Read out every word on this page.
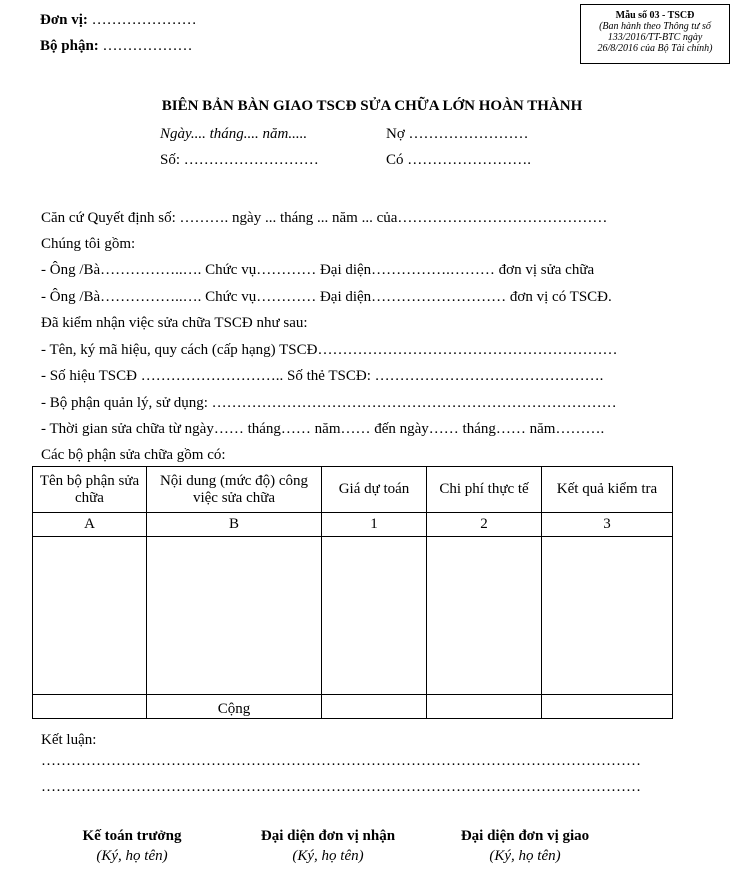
Đơn vị: …………………
Bộ phận: ………………
Mẫu số 03 - TSCĐ
(Ban hành theo Thông tư số
133/2016/TT-BTC ngày
26/8/2016 của Bộ Tài chính)
BIÊN BẢN BÀN GIAO TSCĐ SỬA CHỮA LỚN HOÀN THÀNH
Ngày.... tháng.... năm.....	Nợ ……………………
Số: ………………………	Có …………………….
Căn cứ Quyết định số: ………. ngày ... tháng ... năm ... của……………………………………
Chúng tôi gồm:
- Ông /Bà……………..…. Chức vụ………… Đại diện…………….……… đơn vị sửa chữa
- Ông /Bà……………..…. Chức vụ………… Đại diện……………………… đơn vị có TSCĐ.
Đã kiểm nhận việc sửa chữa TSCĐ như sau:
- Tên, ký mã hiệu, quy cách (cấp hạng) TSCĐ……………………………………………………
- Số hiệu TSCĐ ……………………….. Số thẻ TSCĐ: ……………………………………….
- Bộ phận quản lý, sử dụng: ………………………………………………………………………
- Thời gian sửa chữa từ ngày…… tháng…… năm…… đến ngày…… tháng…… năm……….
Các bộ phận sửa chữa gồm có:
Tên bộ phận sửa chữa	Nội dung (mức độ) công việc sửa chữa	Giá dự toán	Chi phí thực tế	Kết quả kiểm tra
A	B	1	2	3

	Cộng			
Kết luận:
…………………………………………………………………………………………………………
…………………………………………………………………………………………………………
Kế toán trưởng
(Ký, họ tên)
Đại diện đơn vị nhận
(Ký, họ tên)
Đại diện đơn vị giao
(Ký, họ tên)
